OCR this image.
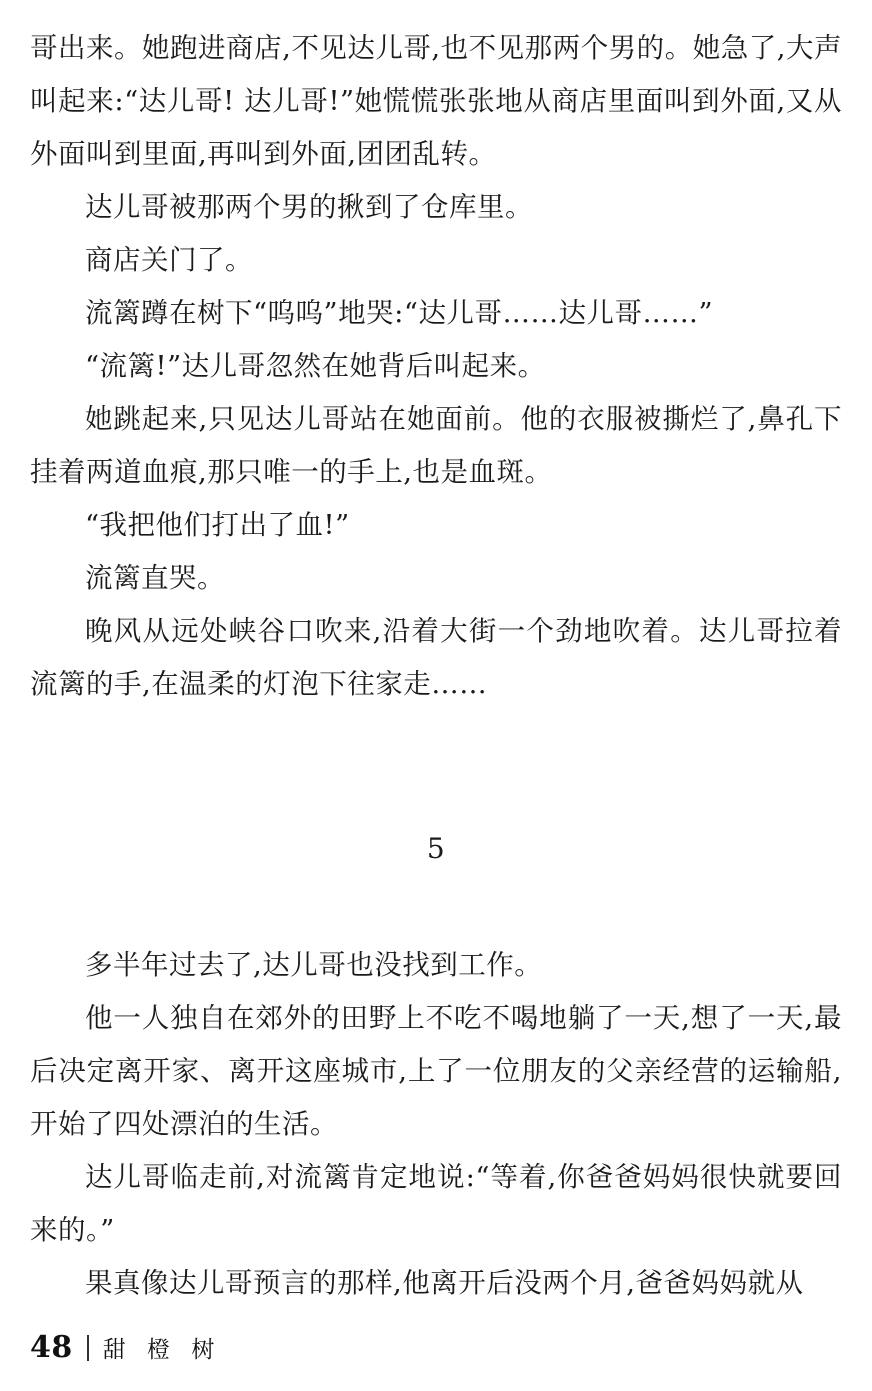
哥出来。她跑进商店,不见达儿哥,也不见那两个男的。她急了,大声叫起来:“达儿哥! 达儿哥!”她慌慌张张地从商店里面叫到外面,又从外面叫到里面,再叫到外面,团团乱转。

达儿哥被那两个男的揪到了仓库里。

商店关门了。

流篱蹲在树下“呜呜”地哭:“达儿哥……达儿哥……”

“流篱!”达儿哥忽然在她背后叫起来。

她跳起来,只见达儿哥站在她面前。他的衣服被撕烂了,鼻孔下挂着两道血痕,那只唯一的手上,也是血斑。

“我把他们打出了血!”

流篱直哭。

晚风从远处峡谷口吹来,沿着大街一个劲地吹着。达儿哥拉着流篱的手,在温柔的灯泡下往家走……

5

多半年过去了,达儿哥也没找到工作。

他一人独自在郊外的田野上不吃不喝地躺了一天,想了一天,最后决定离开家、离开这座城市,上了一位朋友的父亲经营的运输船,开始了四处漂泊的生活。

达儿哥临走前,对流篱肯定地说:“等着,你爸爸妈妈很快就要回来的。”

果真像达儿哥预言的那样,他离开后没两个月,爸爸妈妈就从

48 甜 橙 树
